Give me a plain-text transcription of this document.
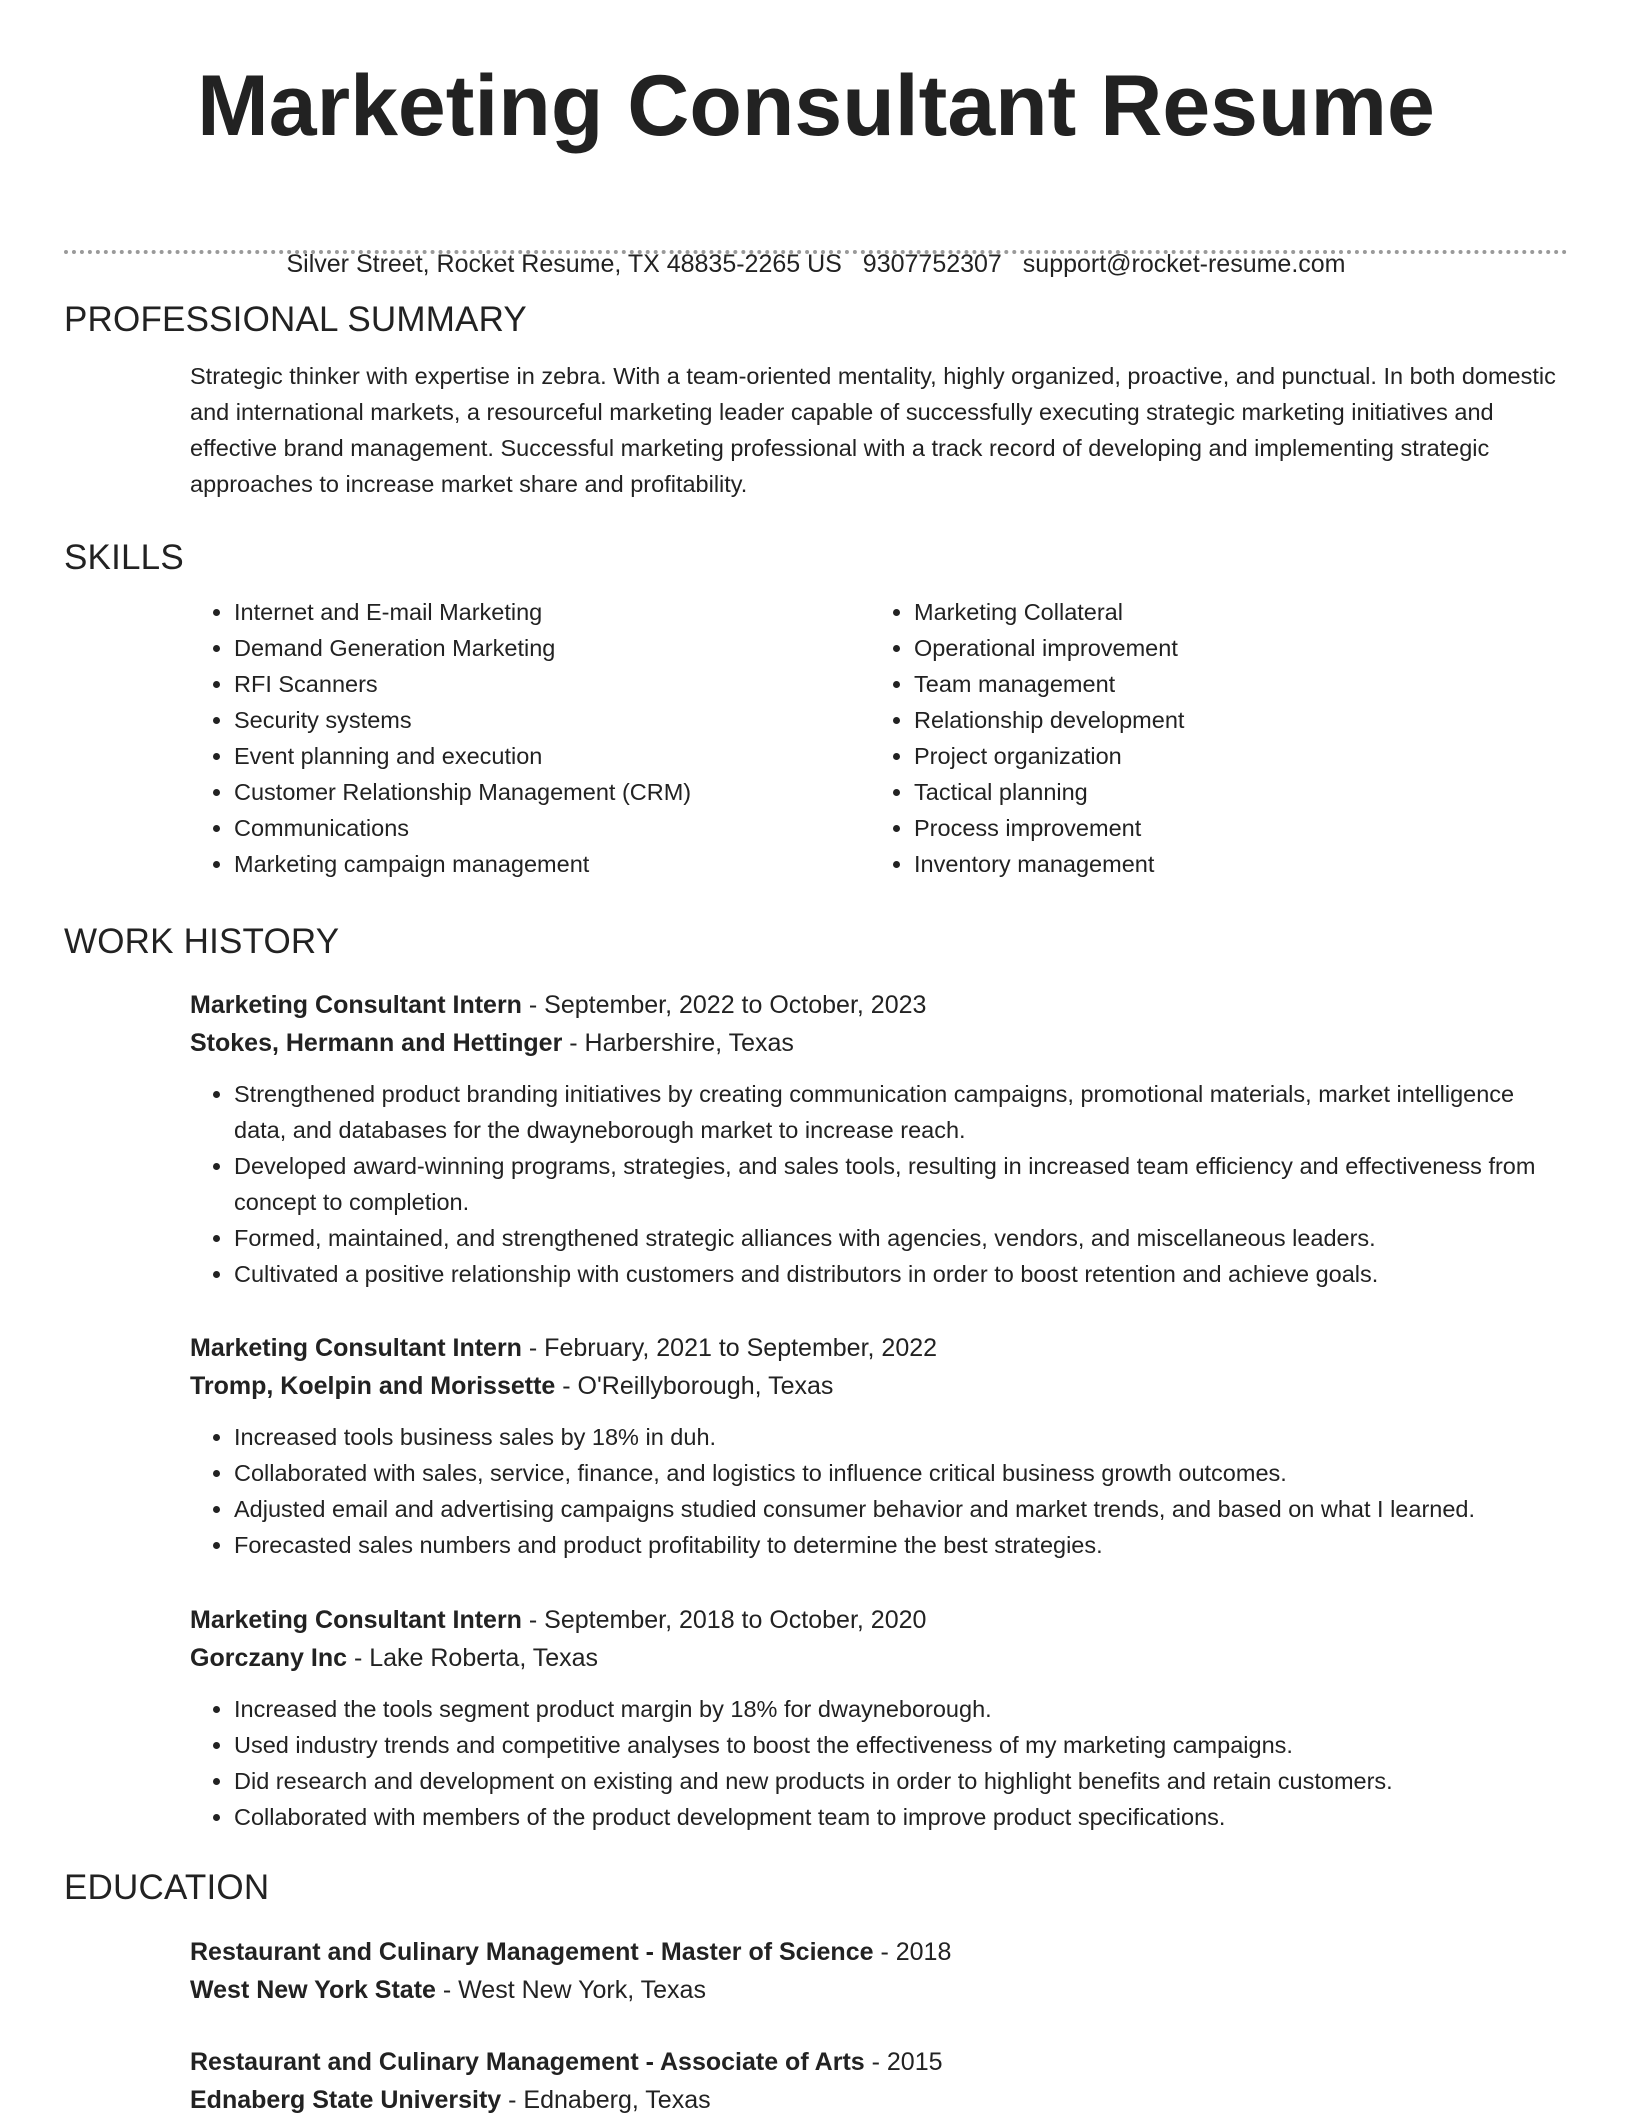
Marketing Consultant Resume
Silver Street, Rocket Resume, TX 48835-2265 US 9307752307 support@rocket-resume.com
PROFESSIONAL SUMMARY

Strategic thinker with expertise in zebra. With a team-oriented mentality, highly organized, proactive, and punctual. In both domestic and international markets, a resourceful marketing leader capable of successfully executing strategic marketing initiatives and effective brand management. Successful marketing professional with a track record of developing and implementing strategic approaches to increase market share and profitability.

SKILLS
• Internet and E-mail Marketing
• Demand Generation Marketing
• RFI Scanners
• Security systems
• Event planning and execution
• Customer Relationship Management (CRM)
• Communications
• Marketing campaign management
• Marketing Collateral
• Operational improvement
• Team management
• Relationship development
• Project organization
• Tactical planning
• Process improvement
• Inventory management
WORK HISTORY
Marketing Consultant Intern - September, 2022 to October, 2023
Stokes, Hermann and Hettinger - Harbershire, Texas
• Strengthened product branding initiatives by creating communication campaigns, promotional materials, market intelligence data, and databases for the dwayneborough market to increase reach.
• Developed award-winning programs, strategies, and sales tools, resulting in increased team efficiency and effectiveness from concept to completion.
• Formed, maintained, and strengthened strategic alliances with agencies, vendors, and miscellaneous leaders.
• Cultivated a positive relationship with customers and distributors in order to boost retention and achieve goals.
Marketing Consultant Intern - February, 2021 to September, 2022
Tromp, Koelpin and Morissette - O'Reillyborough, Texas
• Increased tools business sales by 18% in duh.
• Collaborated with sales, service, finance, and logistics to influence critical business growth outcomes.
• Adjusted email and advertising campaigns studied consumer behavior and market trends, and based on what I learned.
• Forecasted sales numbers and product profitability to determine the best strategies.
Marketing Consultant Intern - September, 2018 to October, 2020
Gorczany Inc - Lake Roberta, Texas
• Increased the tools segment product margin by 18% for dwayneborough.
• Used industry trends and competitive analyses to boost the effectiveness of my marketing campaigns.
• Did research and development on existing and new products in order to highlight benefits and retain customers.
• Collaborated with members of the product development team to improve product specifications.
EDUCATION
Restaurant and Culinary Management - Master of Science - 2018
West New York State - West New York, Texas
Restaurant and Culinary Management - Associate of Arts - 2015
Ednaberg State University - Ednaberg, Texas
